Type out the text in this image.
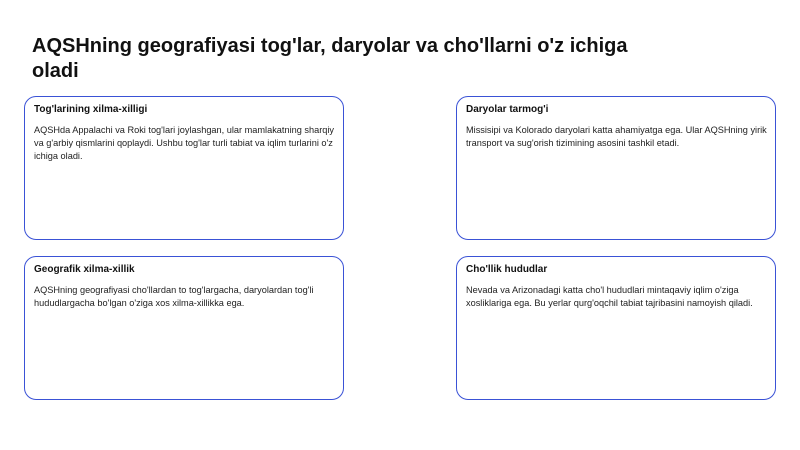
AQSHning geografiyasi tog'lar, daryolar va cho'llarni o'z ichiga oladi

Tog'larining xilma-xilligi

AQSHda Appalachi va Roki tog'lari joylashgan, ular mamlakatning sharqiy va g'arbiy qismlarini qoplaydi. Ushbu tog'lar turli tabiat va iqlim turlarini o'z ichiga oladi.

Daryolar tarmog'i

Missisipi va Kolorado daryolari katta ahamiyatga ega. Ular AQSHning yirik transport va sug'orish tizimining asosini tashkil etadi.

Geografik xilma-xillik

AQSHning geografiyasi cho'llardan to tog'largacha, daryolardan tog'li hududlargacha bo'lgan o'ziga xos xilma-xillikka ega.

Cho'llik hududlar

Nevada va Arizonadagi katta cho'l hududlari mintaqaviy iqlim o'ziga xosliklariga ega. Bu yerlar qurg'oqchil tabiat tajribasini namoyish qiladi.
